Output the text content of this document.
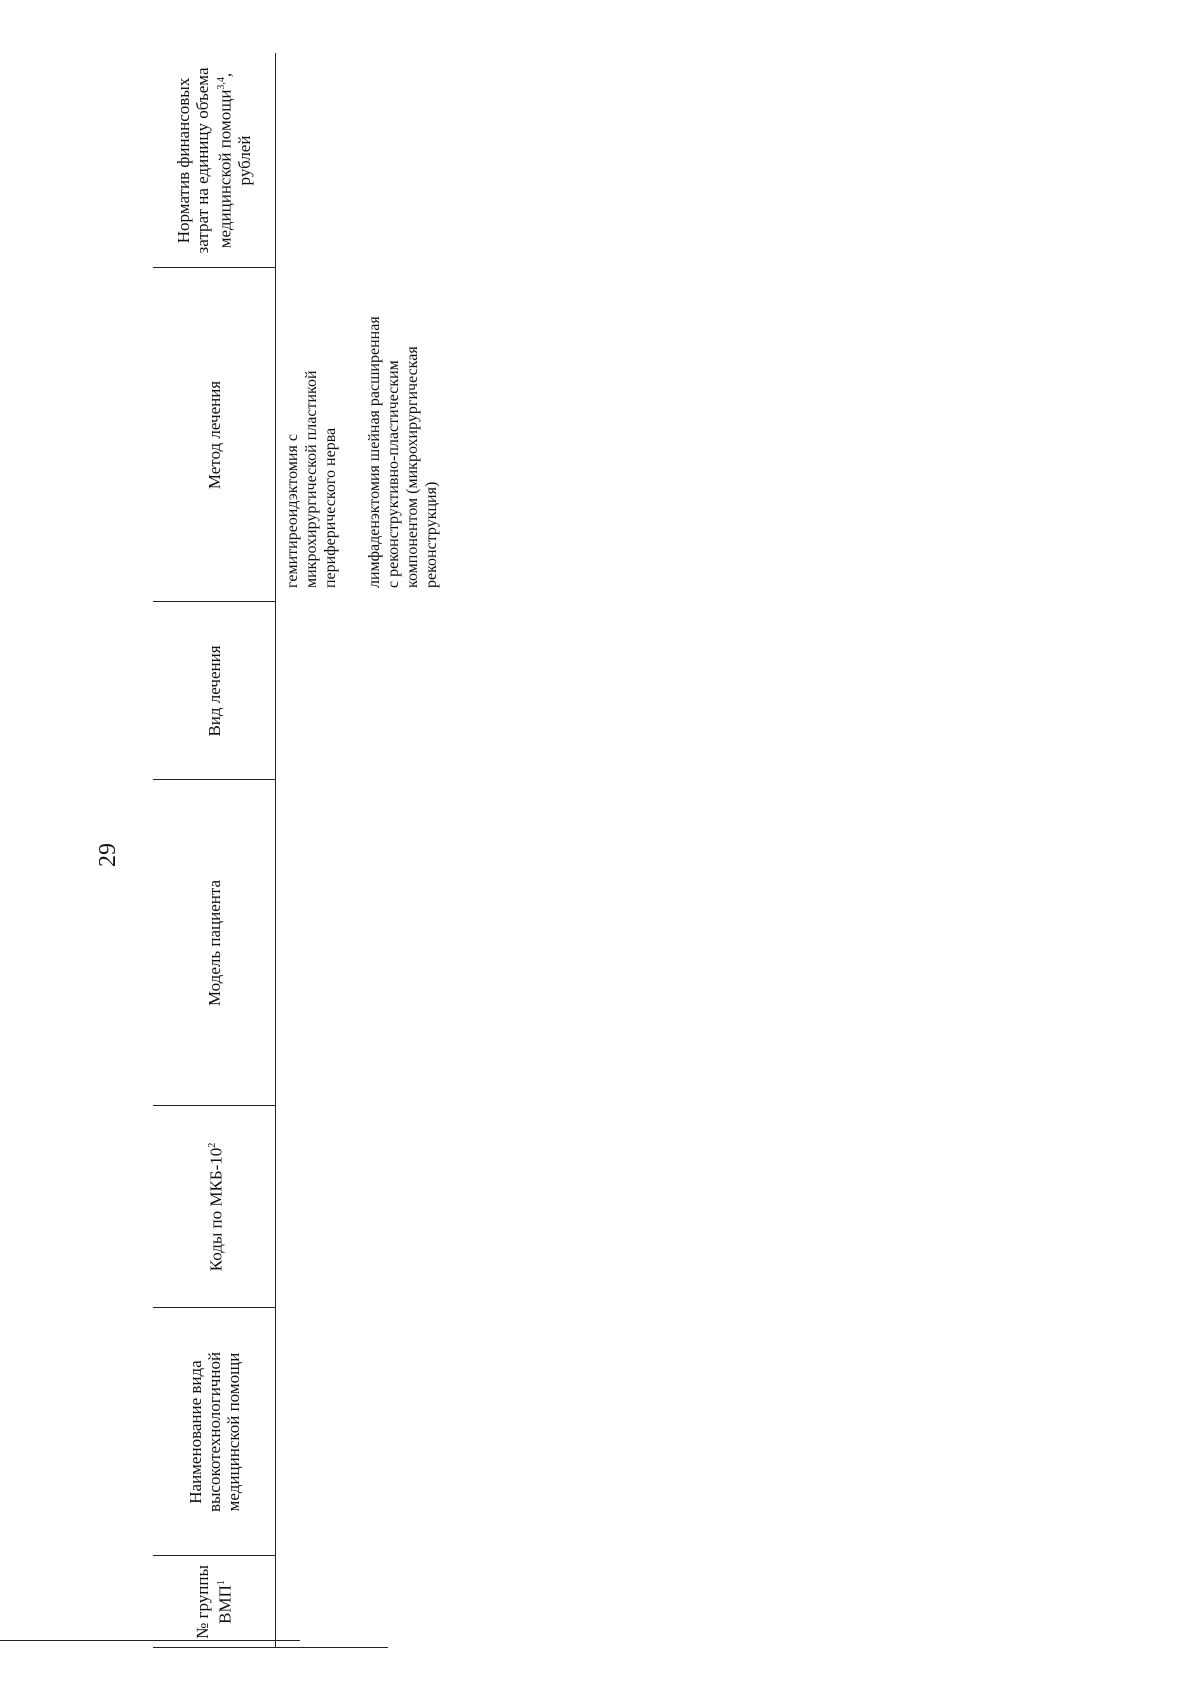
29
№ группы ВМП$^1$
Наименование вида высокотехнологичной медицинской помощи
Коды по МКБ-$10^2$
Модель пациента
Вид лечения
Метод лечения
Норматив финансовых затрат на единицу объема медицинской помощи$^{3,4}$, рублей
гемитиреоидэктомия с микрохирургической пластикой периферического нерва лимфаденэктомия шейная расширенная с реконструктивно-пластическим компонентом (микрохирургическая реконструкция)
